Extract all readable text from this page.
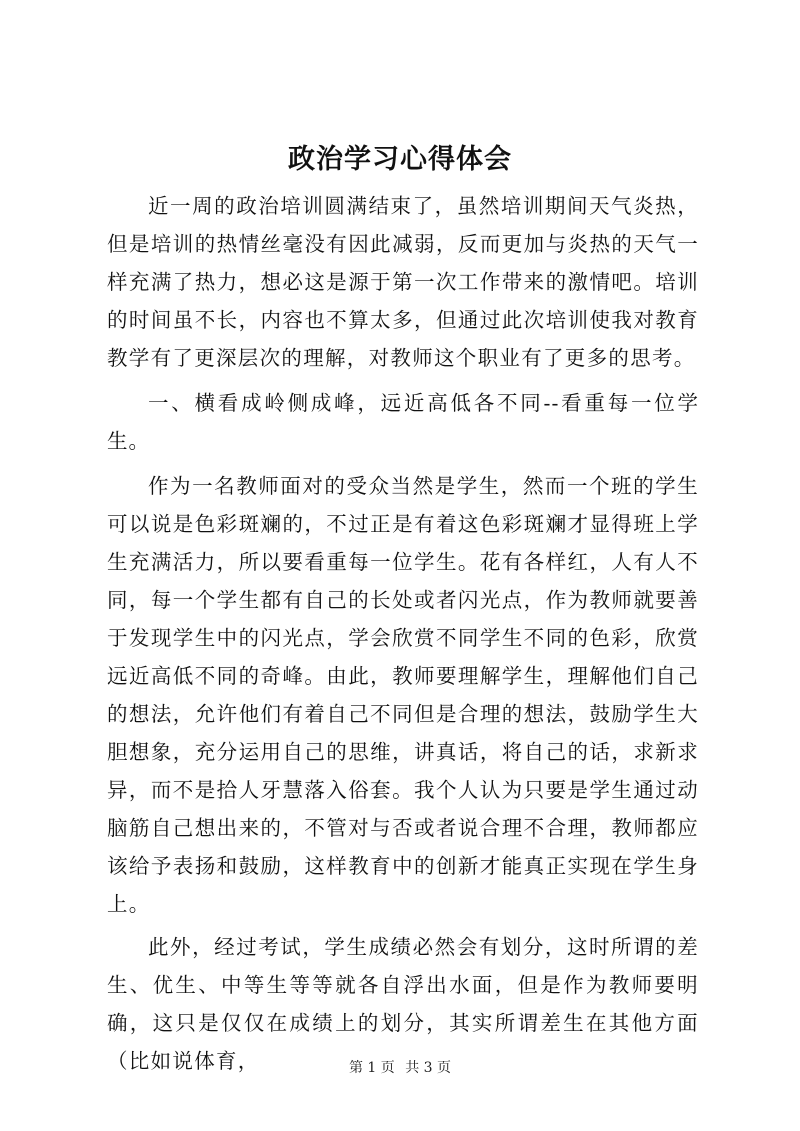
政治学习心得体会

近一周的政治培训圆满结束了，虽然培训期间天气炎热，但是培训的热情丝毫没有因此减弱，反而更加与炎热的天气一样充满了热力，想必这是源于第一次工作带来的激情吧。培训的时间虽不长，内容也不算太多，但通过此次培训使我对教育教学有了更深层次的理解，对教师这个职业有了更多的思考。

一、横看成岭侧成峰，远近高低各不同--看重每一位学生。

作为一名教师面对的受众当然是学生，然而一个班的学生可以说是色彩斑斓的，不过正是有着这色彩斑斓才显得班上学生充满活力，所以要看重每一位学生。花有各样红，人有人不同，每一个学生都有自己的长处或者闪光点，作为教师就要善于发现学生中的闪光点，学会欣赏不同学生不同的色彩，欣赏远近高低不同的奇峰。由此，教师要理解学生，理解他们自己的想法，允许他们有着自己不同但是合理的想法，鼓励学生大胆想象，充分运用自己的思维，讲真话，将自己的话，求新求异，而不是拾人牙慧落入俗套。我个人认为只要是学生通过动脑筋自己想出来的，不管对与否或者说合理不合理，教师都应该给予表扬和鼓励，这样教育中的创新才能真正实现在学生身上。

此外，经过考试，学生成绩必然会有划分，这时所谓的差生、优生、中等生等等就各自浮出水面，但是作为教师要明确，这只是仅仅在成绩上的划分，其实所谓差生在其他方面（比如说体育，	第 1 页 共 3 页
